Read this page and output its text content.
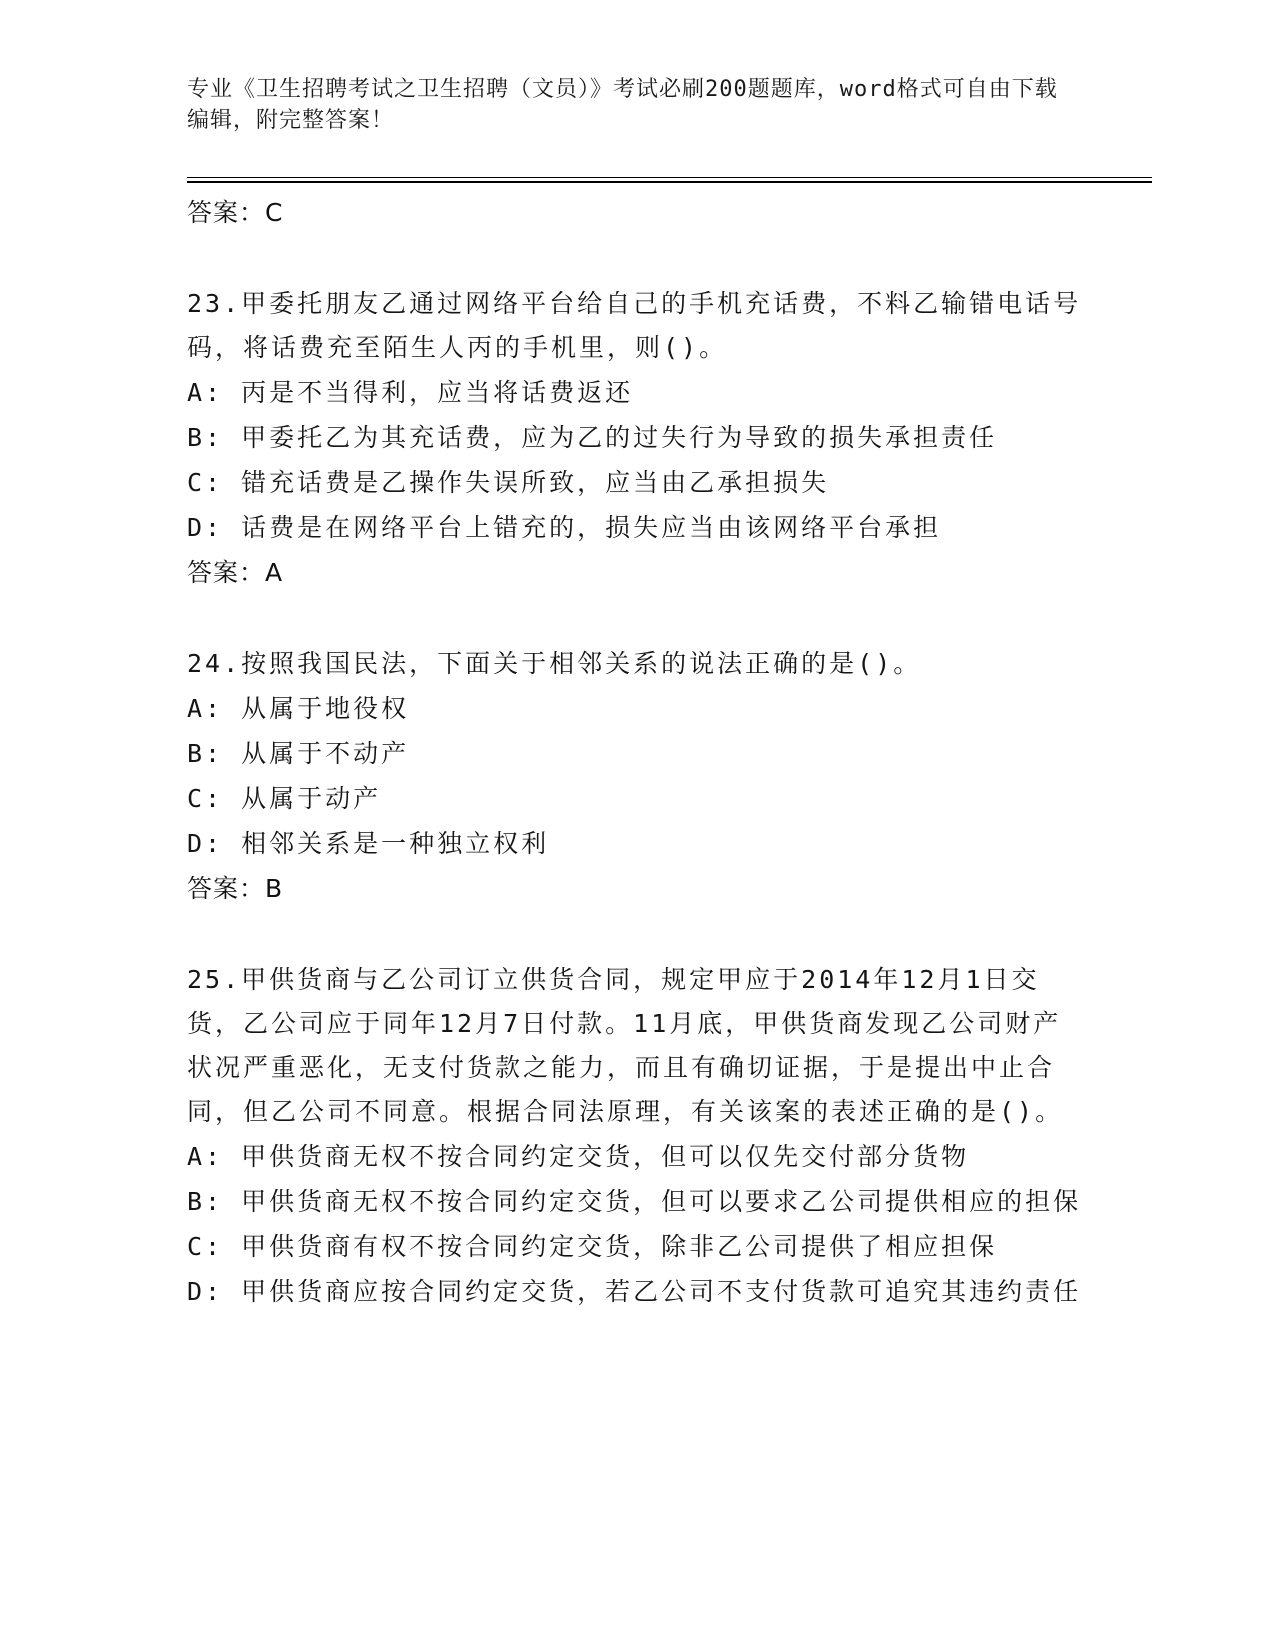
专业《卫生招聘考试之卫生招聘（文员）》考试必刷200题题库，word格式可自由下载编辑，附完整答案！
答案：C
23.甲委托朋友乙通过网络平台给自己的手机充话费，不料乙输错电话号码，将话费充至陌生人丙的手机里，则()。
A: 丙是不当得利，应当将话费返还
B: 甲委托乙为其充话费，应为乙的过失行为导致的损失承担责任
C: 错充话费是乙操作失误所致，应当由乙承担损失
D: 话费是在网络平台上错充的，损失应当由该网络平台承担
答案：A
24.按照我国民法，下面关于相邻关系的说法正确的是()。
A: 从属于地役权
B: 从属于不动产
C: 从属于动产
D: 相邻关系是一种独立权利
答案：B
25.甲供货商与乙公司订立供货合同，规定甲应于2014年12月1日交货，乙公司应于同年12月7日付款。11月底，甲供货商发现乙公司财产状况严重恶化，无支付货款之能力，而且有确切证据，于是提出中止合同，但乙公司不同意。根据合同法原理，有关该案的表述正确的是()。
A: 甲供货商无权不按合同约定交货，但可以仅先交付部分货物
B: 甲供货商无权不按合同约定交货，但可以要求乙公司提供相应的担保
C: 甲供货商有权不按合同约定交货，除非乙公司提供了相应担保
D: 甲供货商应按合同约定交货，若乙公司不支付货款可追究其违约责任
